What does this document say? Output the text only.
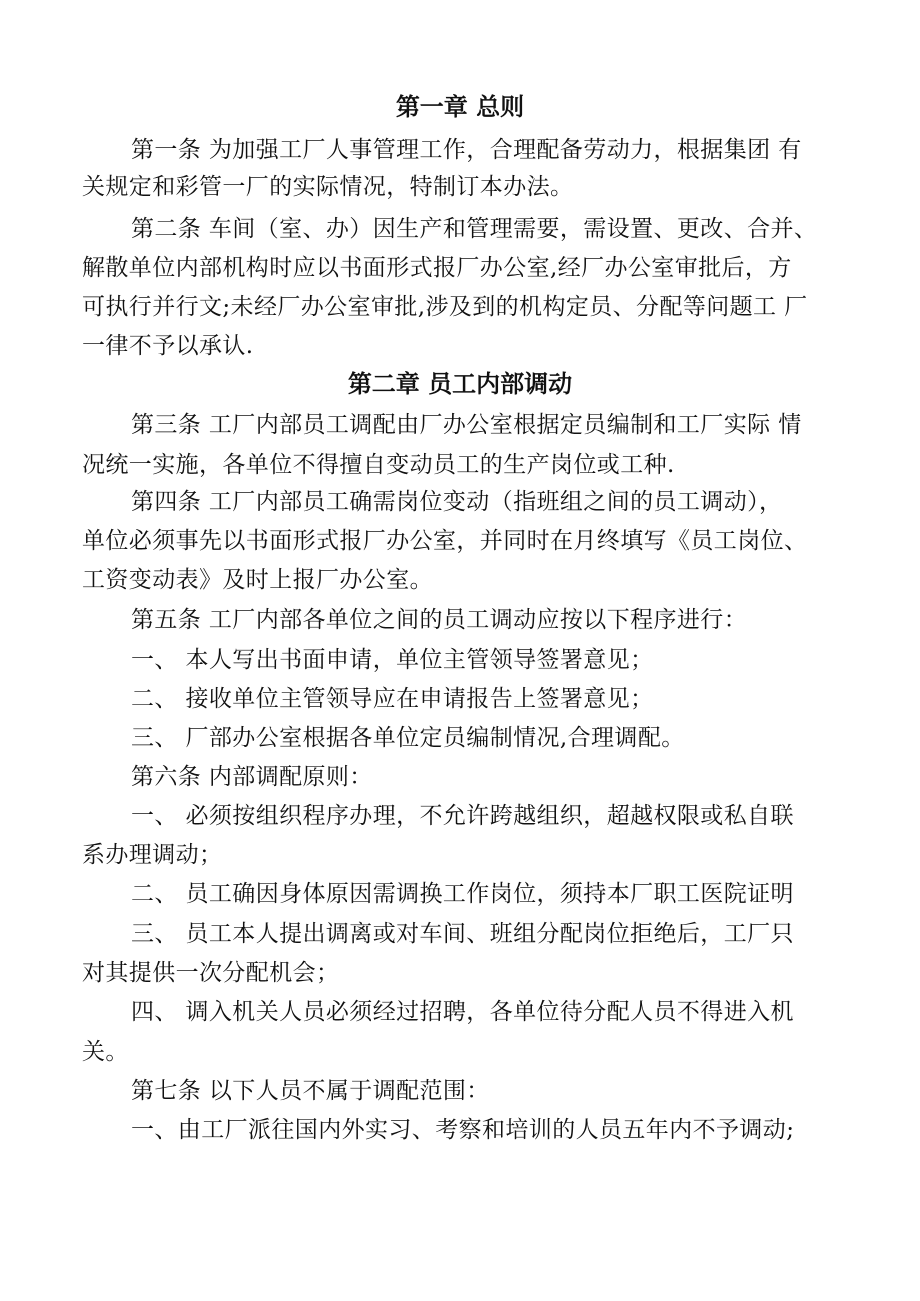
第一章 总则
第一条 为加强工厂人事管理工作，合理配备劳动力，根据集团 有
关规定和彩管一厂的实际情况，特制订本办法。
第二条 车间（室、办）因生产和管理需要，需设置、更改、合并、
解散单位内部机构时应以书面形式报厂办公室,经厂办公室审批后，方
可执行并行文;未经厂办公室审批,涉及到的机构定员、分配等问题工 厂
一律不予以承认.
第二章 员工内部调动
第三条 工厂内部员工调配由厂办公室根据定员编制和工厂实际 情
况统一实施，各单位不得擅自变动员工的生产岗位或工种.
第四条 工厂内部员工确需岗位变动（指班组之间的员工调动），
单位必须事先以书面形式报厂办公室，并同时在月终填写《员工岗位、
工资变动表》及时上报厂办公室。
第五条 工厂内部各单位之间的员工调动应按以下程序进行：
一、 本人写出书面申请，单位主管领导签署意见；
二、 接收单位主管领导应在申请报告上签署意见；
三、 厂部办公室根据各单位定员编制情况,合理调配。
第六条 内部调配原则：
一、 必须按组织程序办理，不允许跨越组织，超越权限或私自联
系办理调动；
二、 员工确因身体原因需调换工作岗位，须持本厂职工医院证明
三、 员工本人提出调离或对车间、班组分配岗位拒绝后，工厂只
对其提供一次分配机会；
四、 调入机关人员必须经过招聘，各单位待分配人员不得进入机
关。
第七条 以下人员不属于调配范围：
一、由工厂派往国内外实习、考察和培训的人员五年内不予调动;
